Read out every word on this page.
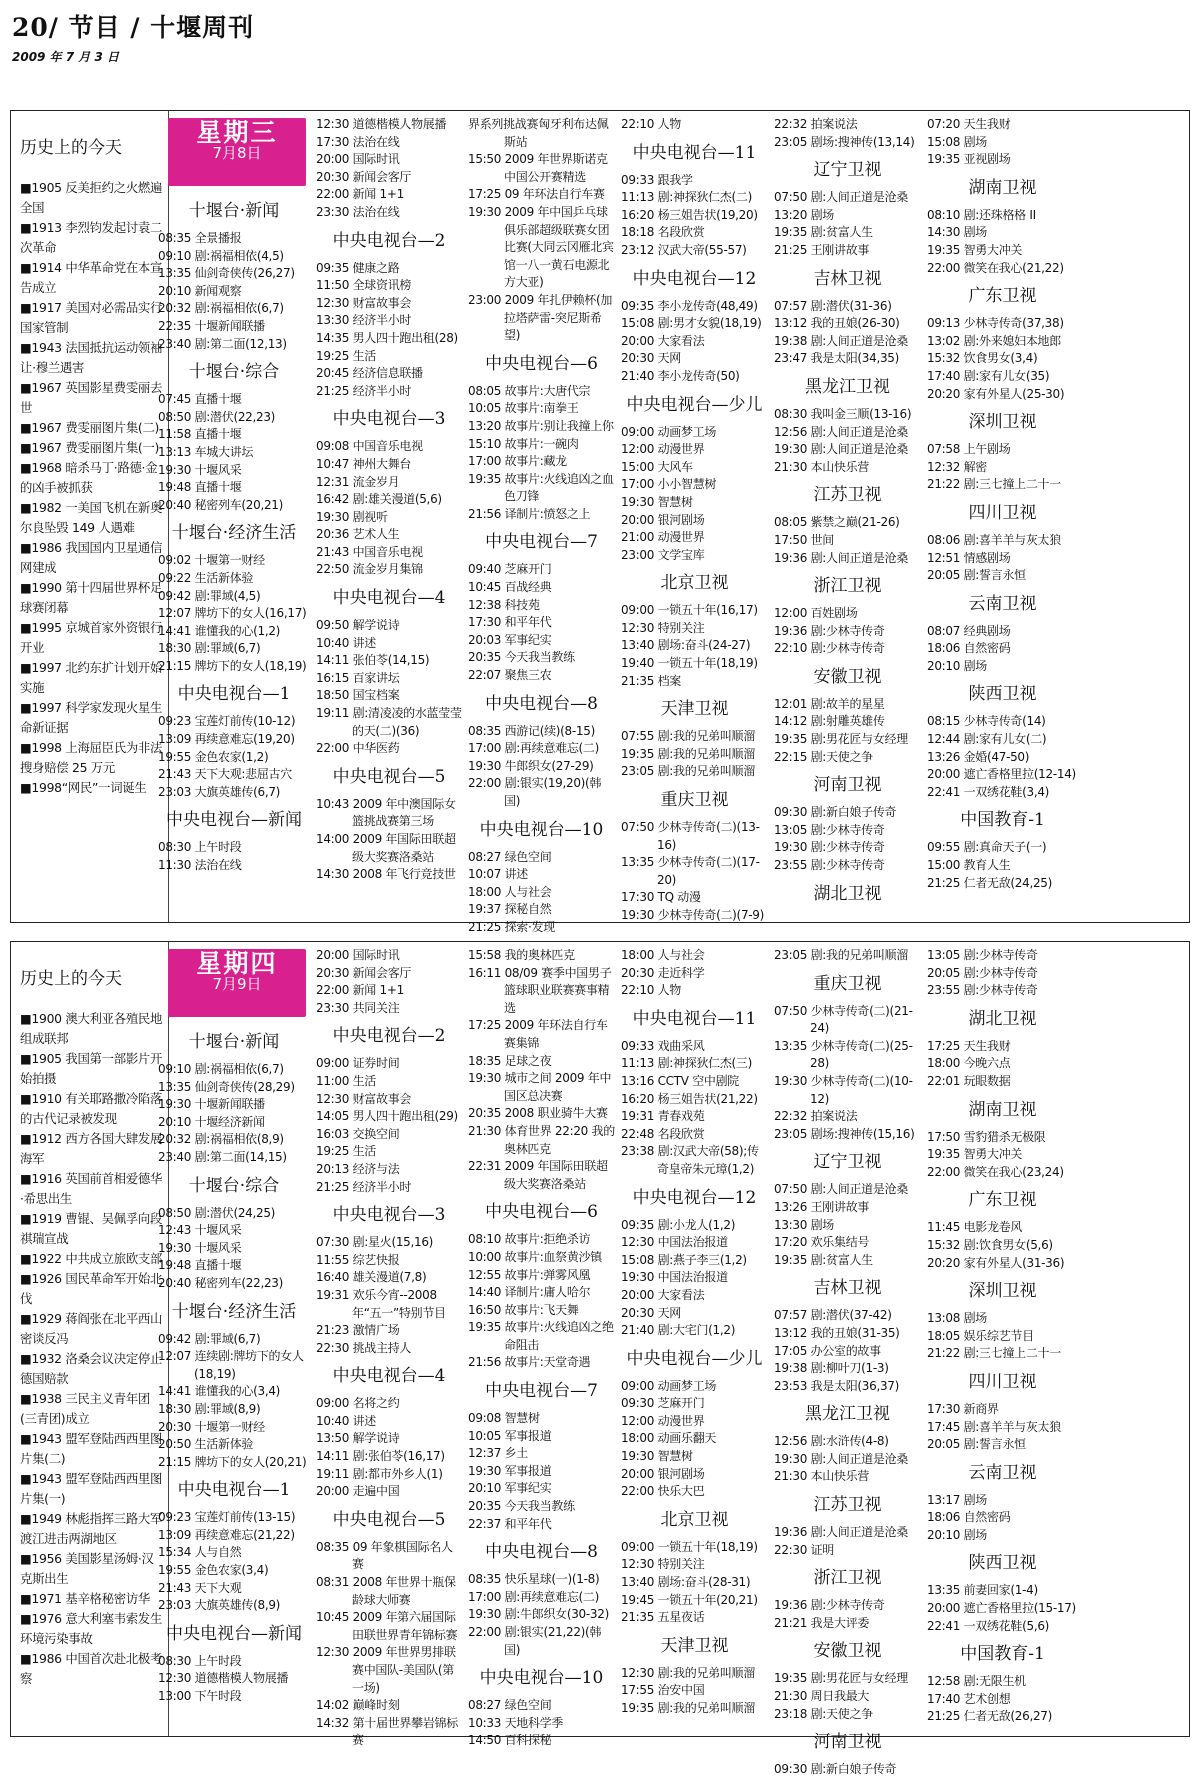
20/ 节目 / 十堰周刊
2009 年 7 月 3 日
历史上的今天

■1905 反美拒约之火燃遍全国

■1913 李烈钧发起讨袁二次革命

■1914 中华革命党在本宣告成立

■1917 美国对必需品实行国家管制

■1943 法国抵抗运动领袖让·穆兰遇害

■1967 英国影星费雯丽去世

■1967 费雯丽图片集(二)

■1967 费雯丽图片集(一)

■1968 暗杀马丁·路德·金的凶手被抓获

■1982 一美国飞机在新奥尔良坠毁 149 人遇难

■1986 我国国内卫星通信网建成

■1990 第十四届世界杯足球赛闭幕

■1995 京城首家外资银行开业

■1997 北约东扩计划开始实施

■1997 科学家发现火星生命新证据

■1998 上海屈臣氏为非法搜身赔偿 25 万元

■1998“网民”一词诞生

星期三
7月8日
十堰台·新闻
08:35 全景播报
09:10 剧:祸福相依(4,5)
13:35 仙剑奇侠传(26,27)
20:10 新闻观察
20:32 剧:祸福相依(6,7)
22:35 十堰新闻联播
23:40 剧:第二面(12,13)
十堰台·综合
07:45 直播十堰
08:50 剧:潜伏(22,23)
11:58 直播十堰
13:13 车城大讲坛
19:30 十堰风采
19:48 直播十堰
20:40 秘密列车(20,21)
十堰台·经济生活
09:02 十堰第一财经
09:22 生活新体验
09:42 剧:罪域(4,5)
12:07 牌坊下的女人(16,17)
14:41 谁懂我的心(1,2)
18:30 剧:罪域(6,7)
21:15 牌坊下的女人(18,19)
中央电视台—1
09:23 宝莲灯前传(10-12)
13:09 再续意难忘(19,20)
19:55 金色农家(1,2)
21:43 天下大观:悲屈古穴
23:03 大旗英雄传(6,7)
中央电视台—新闻
08:30 上午时段
11:30 法治在线
12:30 道德楷模人物展播
17:30 法治在线
20:00 国际时讯
20:30 新闻会客厅
22:00 新闻 1+1
23:30 法治在线
中央电视台—2
09:35 健康之路
11:50 全球资讯榜
12:30 财富故事会
13:30 经济半小时
14:35 男人四十跑出租(28)
19:25 生活
20:45 经济信息联播
21:25 经济半小时
中央电视台—3
09:08 中国音乐电视
10:47 神州大舞台
12:31 流金岁月
16:42 剧:雄关漫道(5,6)
19:30 剧视听
20:36 艺术人生
21:43 中国音乐电视
22:50 流金岁月集锦
中央电视台—4
09:50 解学说诗
10:40 讲述
14:11 张伯苓(14,15)
16:15 百家讲坛
18:50 国宝档案
19:11 剧:清凌凌的水蓝莹莹的天(二)(36)
22:00 中华医药
中央电视台—5
10:43 2009 年中澳国际女篮挑战赛第三场
14:00 2009 年国际田联超级大奖赛洛桑站
14:30 2008 年飞行竞技世
界系列挑战赛匈牙利布达佩斯站
15:50 2009 年世界斯诺克中国公开赛精选
17:25 09 年环法自行车赛
19:30 2009 年中国乒乓球俱乐部超级联赛女团比赛(大同云冈雁北宾馆一八一黄石电源北方大亚)
23:00 2009 年扎伊赖杯(加拉塔萨雷-突尼斯希望)
中央电视台—6
08:05 故事片:大唐代宗
10:05 故事片:南拳王
13:20 故事片:别让我撞上你
15:10 故事片:一碗肉
17:00 故事片:藏龙
19:35 故事片:火线追凶之血色刀锋
21:56 译制片:愤怒之上
中央电视台—7
09:40 芝麻开门
10:45 百战经典
12:38 科技苑
17:30 和平年代
20:03 军事纪实
20:35 今天我当教练
22:07 聚焦三农
中央电视台—8
08:35 西游记(续)(8-15)
17:00 剧:再续意难忘(二)
19:30 牛郎织女(27-29)
22:00 剧:银实(19,20)(韩国)
中央电视台—10
08:27 绿色空间
10:07 讲述
18:00 人与社会
19:37 探秘自然
21:25 探索·发现
22:10 人物
中央电视台—11
09:33 跟我学
11:13 剧:神探狄仁杰(二)
16:20 杨三姐告状(19,20)
18:18 名段欣赏
23:12 汉武大帝(55-57)
中央电视台—12
09:35 李小龙传奇(48,49)
15:08 剧:男才女貌(18,19)
20:00 大家看法
20:30 天网
21:40 李小龙传奇(50)
中央电视台—少儿
09:00 动画梦工场
12:00 动漫世界
15:00 大风车
17:00 小小智慧树
19:30 智慧树
20:00 银河剧场
21:00 动漫世界
23:00 文学宝库
北京卫视
09:00 一锁五十年(16,17)
12:30 特别关注
13:40 剧场:奋斗(24-27)
19:40 一锁五十年(18,19)
21:35 档案
天津卫视
07:55 剧:我的兄弟叫顺溜
19:35 剧:我的兄弟叫顺溜
23:05 剧:我的兄弟叫顺溜
重庆卫视
07:50 少林寺传奇(二)(13-16)
13:35 少林寺传奇(二)(17-20)
17:30 TQ 动漫
19:30 少林寺传奇(二)(7-9)
22:32 拍案说法
23:05 剧场:搜神传(13,14)
辽宁卫视
07:50 剧:人间正道是沧桑
13:20 剧场
19:35 剧:贫富人生
21:25 王刚讲故事
吉林卫视
07:57 剧:潜伏(31-36)
13:12 我的丑娘(26-30)
19:38 剧:人间正道是沧桑
23:47 我是太阳(34,35)
黑龙江卫视
08:30 我叫金三顺(13-16)
12:56 剧:人间正道是沧桑
19:30 剧:人间正道是沧桑
21:30 本山快乐营
江苏卫视
08:05 紫禁之巅(21-26)
17:50 世间
19:36 剧:人间正道是沧桑
浙江卫视
12:00 百姓剧场
19:36 剧:少林寺传奇
22:10 剧:少林寺传奇
安徽卫视
12:01 剧:故羊的星星
14:12 剧:射雕英雄传
19:35 剧:男花匠与女经理
22:15 剧:天使之争
河南卫视
09:30 剧:新白娘子传奇
13:05 剧:少林寺传奇
19:30 剧:少林寺传奇
23:55 剧:少林寺传奇
湖北卫视
07:20 天生我财
15:08 剧场
19:35 亚视剧场
湖南卫视
08:10 剧:还珠格格 II
14:30 剧场
19:35 智勇大冲关
22:00 微笑在我心(21,22)
广东卫视
09:13 少林寺传奇(37,38)
13:02 剧:外来媳妇本地郎
15:32 饮食男女(3,4)
17:40 剧:家有儿女(35)
20:20 家有外星人(25-30)
深圳卫视
07:58 上午剧场
12:32 解密
21:22 剧:三七撞上二十一
四川卫视
08:06 剧:喜羊羊与灰太狼
12:51 情感剧场
20:05 剧:誓言永恒
云南卫视
08:07 经典剧场
18:06 自然密码
20:10 剧场
陕西卫视
08:15 少林寺传奇(14)
12:44 剧:家有儿女(二)
13:26 金婚(47-50)
20:00 遮亡香格里拉(12-14)
22:41 一双绣花鞋(3,4)
中国教育-1
09:55 剧:真命天子(一)
15:00 教育人生
21:25 仁者无敌(24,25)
历史上的今天

■1900 澳大利亚各殖民地组成联邦

■1905 我国第一部影片开始拍摄

■1910 有关耶路撒冷陷落的古代记录被发现

■1912 西方各国大肆发展海军

■1916 英国前首相爱德华·希思出生

■1919 曹锟、吴佩孚向段祺瑞宣战

■1922 中共成立旅欧支部

■1926 国民革命军开始北伐

■1929 蒋阎张在北平西山密谈反冯

■1932 洛桑会议决定停止德国赔款

■1938 三民主义青年团(三青团)成立

■1943 盟军登陆西西里图片集(二)

■1943 盟军登陆西西里图片集(一)

■1949 林彪指挥三路大军渡江进击两湖地区

■1956 美国影星汤姆·汉克斯出生

■1971 基辛格秘密访华

■1976 意大利塞韦索发生环境污染事故

■1986 中国首次赴北极考察

星期四
7月9日
十堰台·新闻
09:10 剧:祸福相依(6,7)
13:35 仙剑奇侠传(28,29)
19:30 十堰新闻联播
20:10 十堰经济新闻
20:32 剧:祸福相依(8,9)
23:40 剧:第二面(14,15)
十堰台·综合
08:50 剧:潜伏(24,25)
12:43 十堰风采
19:30 十堰风采
19:48 直播十堰
20:40 秘密列车(22,23)
十堰台·经济生活
09:42 剧:罪域(6,7)
12:07 连续剧:牌坊下的女人(18,19)
14:41 谁懂我的心(3,4)
18:30 剧:罪域(8,9)
20:30 十堰第一财经
20:50 生活新体验
21:15 牌坊下的女人(20,21)
中央电视台—1
09:23 宝莲灯前传(13-15)
13:09 再续意难忘(21,22)
15:34 人与自然
19:55 金色农家(3,4)
21:43 天下大观
23:03 大旗英雄传(8,9)
中央电视台—新闻
08:30 上午时段
12:30 道德楷模人物展播
13:00 下午时段
20:00 国际时讯
20:30 新闻会客厅
22:00 新闻 1+1
23:30 共同关注
中央电视台—2
09:00 证券时间
11:00 生活
12:30 财富故事会
14:05 男人四十跑出租(29)
16:03 交换空间
19:25 生活
20:13 经济与法
21:25 经济半小时
中央电视台—3
07:30 剧:星火(15,16)
11:55 综艺快报
16:40 雄关漫道(7,8)
19:31 欢乐今宵--2008 年“五一”特别节目
21:23 激情广场
22:30 挑战主持人
中央电视台—4
09:00 名将之约
10:40 讲述
13:50 解学说诗
14:11 剧:张伯苓(16,17)
19:11 剧:都市外乡人(1)
20:00 走遍中国
中央电视台—5
08:35 09 年象棋国际名人赛
08:31 2008 年世界十瓶保龄球大师赛
10:45 2009 年第六届国际田联世界青年锦标赛
12:30 2009 年世界男排联赛中国队-美国队(第一场)
14:02 巅峰时刻
14:32 第十届世界攀岩锦标赛
15:58 我的奥林匹克
16:11 08/09 赛季中国男子篮球职业联赛赛事精选
17:25 2009 年环法自行车赛集锦
18:35 足球之夜
19:30 城市之间 2009 年中国区总决赛
20:35 2008 职业骑牛大赛
21:30 体育世界 22:20 我的奥林匹克
22:31 2009 年国际田联超级大奖赛洛桑站
中央电视台—6
08:10 故事片:拒绝杀访
10:00 故事片:血祭黄沙镇
12:55 故事片:弹雾风凰
14:40 译制片:庸人哈尔
16:50 故事片:飞天舞
19:35 故事片:火线追凶之绝命阻击
21:56 故事片:天堂奇遇
中央电视台—7
09:08 智慧树
10:05 军事报道
12:37 乡土
19:30 军事报道
20:10 军事纪实
20:35 今天我当教练
22:37 和平年代
中央电视台—8
08:35 快乐星球(一)(1-8)
17:00 剧:再续意难忘(二)
19:30 剧:牛郎织女(30-32)
22:00 剧:银实(21,22)(韩国)
中央电视台—10
08:27 绿色空间
10:33 天地科学季
14:50 百科探秘
18:00 人与社会
20:30 走近科学
22:10 人物
中央电视台—11
09:33 戏曲采风
11:13 剧:神探狄仁杰(三)
13:16 CCTV 空中剧院
16:20 杨三姐告状(21,22)
19:31 青春戏苑
22:48 名段欣赏
23:38 剧:汉武大帝(58);传奇皇帝朱元璋(1,2)
中央电视台—12
09:35 剧:小龙人(1,2)
12:30 中国法治报道
15:08 剧:燕子李三(1,2)
19:30 中国法治报道
20:00 大家看法
20:30 天网
21:40 剧:大宅门(1,2)
中央电视台—少儿
09:00 动画梦工场
09:30 芝麻开门
12:00 动漫世界
18:00 动画乐翻天
19:30 智慧树
20:00 银河剧场
22:00 快乐大巴
北京卫视
09:00 一锁五十年(18,19)
12:30 特别关注
13:40 剧场:奋斗(28-31)
19:45 一锁五十年(20,21)
21:35 五星夜话
天津卫视
12:30 剧:我的兄弟叫顺溜
17:55 治安中国
19:35 剧:我的兄弟叫顺溜
23:05 剧:我的兄弟叫顺溜
重庆卫视
07:50 少林寺传奇(二)(21-24)
13:35 少林寺传奇(二)(25-28)
19:30 少林寺传奇(二)(10-12)
22:32 拍案说法
23:05 剧场:搜神传(15,16)
辽宁卫视
07:50 剧:人间正道是沧桑
13:26 王刚讲故事
13:30 剧场
17:20 欢乐集结号
19:35 剧:贫富人生
吉林卫视
07:57 剧:潜伏(37-42)
13:12 我的丑娘(31-35)
17:05 办公室的故事
19:38 剧:柳叶刀(1-3)
23:53 我是太阳(36,37)
黑龙江卫视
12:56 剧:水浒传(4-8)
19:30 剧:人间正道是沧桑
21:30 本山快乐营
江苏卫视
19:36 剧:人间正道是沧桑
22:30 证明
浙江卫视
19:36 剧:少林寺传奇
21:21 我是大评委
安徽卫视
19:35 剧:男花匠与女经理
21:30 周日我最大
23:18 剧:天使之争
河南卫视
09:30 剧:新白娘子传奇
13:05 剧:少林寺传奇
20:05 剧:少林寺传奇
23:55 剧:少林寺传奇
湖北卫视
17:25 天生我财
18:00 今晚六点
22:01 玩眼数据
湖南卫视
17:50 雪豹猎杀无极限
19:35 智勇大冲关
22:00 微笑在我心(23,24)
广东卫视
11:45 电影龙卷风
15:32 剧:饮食男女(5,6)
20:20 家有外星人(31-36)
深圳卫视
13:08 剧场
18:05 娱乐综艺节目
21:22 剧:三七撞上二十一
四川卫视
17:30 新商界
17:45 剧:喜羊羊与灰太狼
20:05 剧:誓言永恒
云南卫视
13:17 剧场
18:06 自然密码
20:10 剧场
陕西卫视
13:35 前妻回家(1-4)
20:00 遮亡香格里拉(15-17)
22:41 一双绣花鞋(5,6)
中国教育-1
12:58 剧:无限生机
17:40 艺术创想
21:25 仁者无敌(26,27)
